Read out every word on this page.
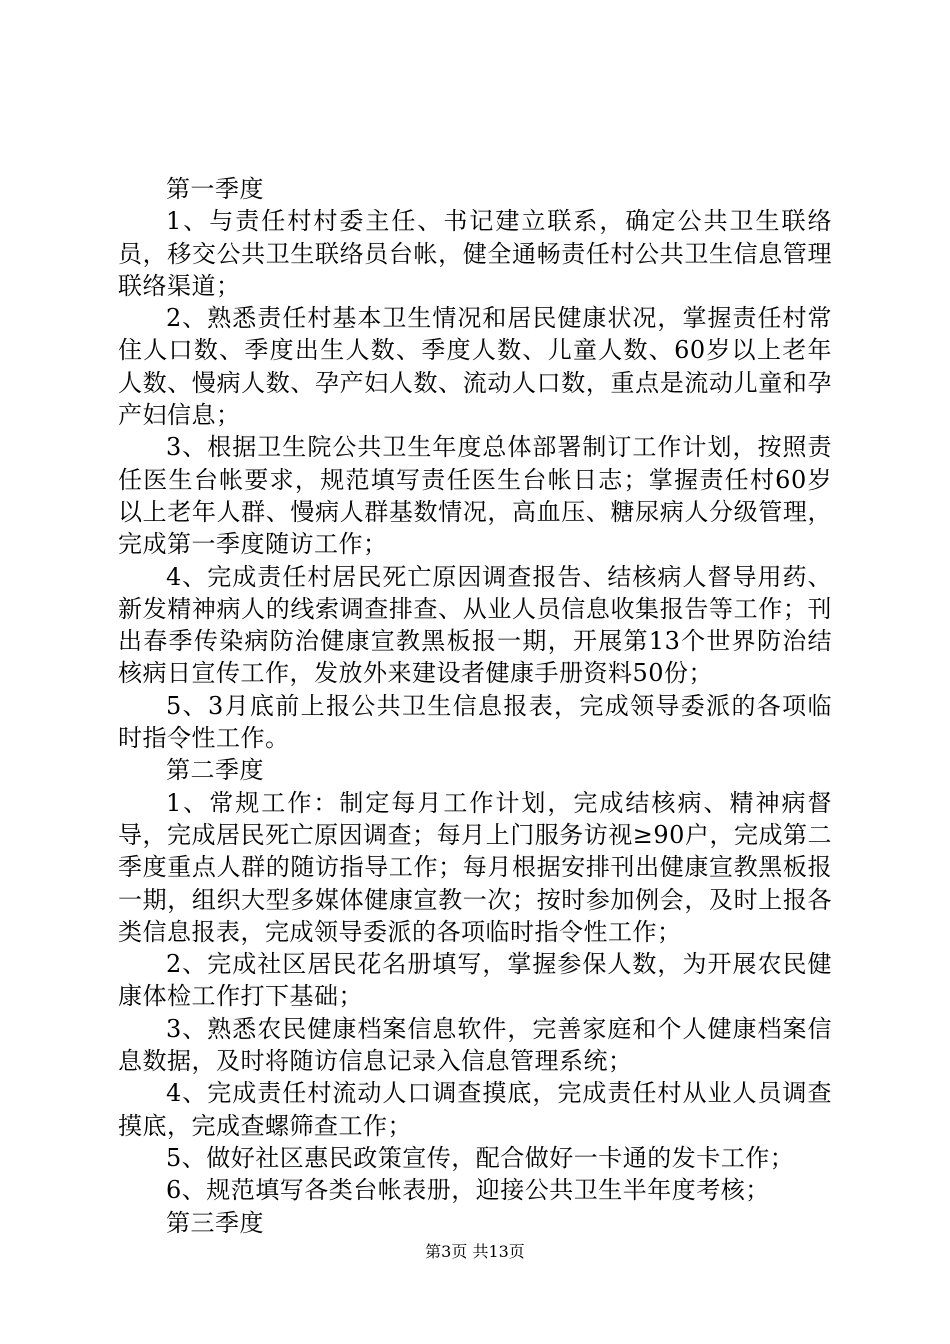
第一季度

1、与责任村村委主任、书记建立联系，确定公共卫生联络员，移交公共卫生联络员台帐，健全通畅责任村公共卫生信息管理联络渠道；

2、熟悉责任村基本卫生情况和居民健康状况，掌握责任村常住人口数、季度出生人数、季度人数、儿童人数、60岁以上老年人数、慢病人数、孕产妇人数、流动人口数，重点是流动儿童和孕产妇信息；

3、根据卫生院公共卫生年度总体部署制订工作计划，按照责任医生台帐要求，规范填写责任医生台帐日志；掌握责任村60岁以上老年人群、慢病人群基数情况，高血压、糖尿病人分级管理，完成第一季度随访工作；

4、完成责任村居民死亡原因调查报告、结核病人督导用药、新发精神病人的线索调查排查、从业人员信息收集报告等工作；刊出春季传染病防治健康宣教黑板报一期，开展第13个世界防治结核病日宣传工作，发放外来建设者健康手册资料50份；

5、3月底前上报公共卫生信息报表，完成领导委派的各项临时指令性工作。

第二季度

1、常规工作：制定每月工作计划，完成结核病、精神病督导，完成居民死亡原因调查；每月上门服务访视≥90户，完成第二季度重点人群的随访指导工作；每月根据安排刊出健康宣教黑板报一期，组织大型多媒体健康宣教一次；按时参加例会，及时上报各类信息报表，完成领导委派的各项临时指令性工作；

2、完成社区居民花名册填写，掌握参保人数，为开展农民健康体检工作打下基础；

3、熟悉农民健康档案信息软件，完善家庭和个人健康档案信息数据，及时将随访信息记录入信息管理系统；

4、完成责任村流动人口调查摸底，完成责任村从业人员调查摸底，完成查螺筛查工作；

5、做好社区惠民政策宣传，配合做好一卡通的发卡工作；

6、规范填写各类台帐表册，迎接公共卫生半年度考核；

第三季度

第3页 共13页
